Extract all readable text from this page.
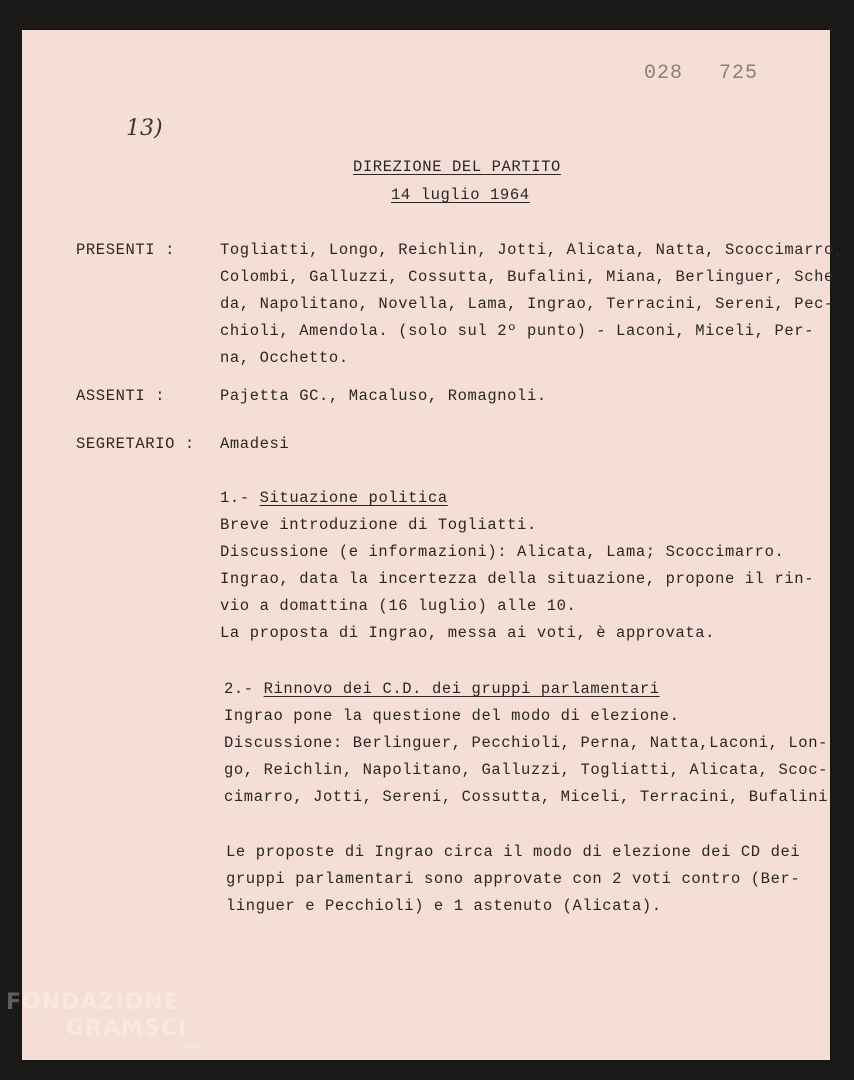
028 725
13)
DIREZIONE DEL PARTITO
14 luglio 1964
PRESENTI :	Togliatti, Longo, Reichlin, Jotti, Alicata, Natta, Scoccimarro,
Colombi, Galluzzi, Cossutta, Bufalini, Miana, Berlinguer, Sche
da, Napolitano, Novella, Lama, Ingrao, Terracini, Sereni, Pec-
chioli, Amendola. (solo sul 2º punto) - Laconi, Miceli, Per-
na, Occhetto.
ASSENTI :	Pajetta GC., Macaluso, Romagnoli.
SEGRETARIO : Amadesi
1.- Situazione politica
Breve introduzione di Togliatti.
Discussione (e informazioni): Alicata, Lama; Scoccimarro.
Ingrao, data la incertezza della situazione, propone il rin-
vio a domattina (16 luglio) alle 10.
La proposta di Ingrao, messa ai voti, è approvata.
2.- Rinnovo dei C.D. dei gruppi parlamentari
Ingrao pone la questione del modo di elezione.
Discussione: Berlinguer, Pecchioli, Perna, Natta,Laconi, Lon-
go, Reichlin, Napolitano, Galluzzi, Togliatti, Alicata, Scoc-
cimarro, Jotti, Sereni, Cossutta, Miceli, Terracini, Bufalini.
Le proposte di Ingrao circa il modo di elezione dei CD dei
gruppi parlamentari sono approvate con 2 voti contro (Ber-
linguer e Pecchioli) e 1 astenuto (Alicata).
FONDAZIONE
GRAMSCI
onlus
